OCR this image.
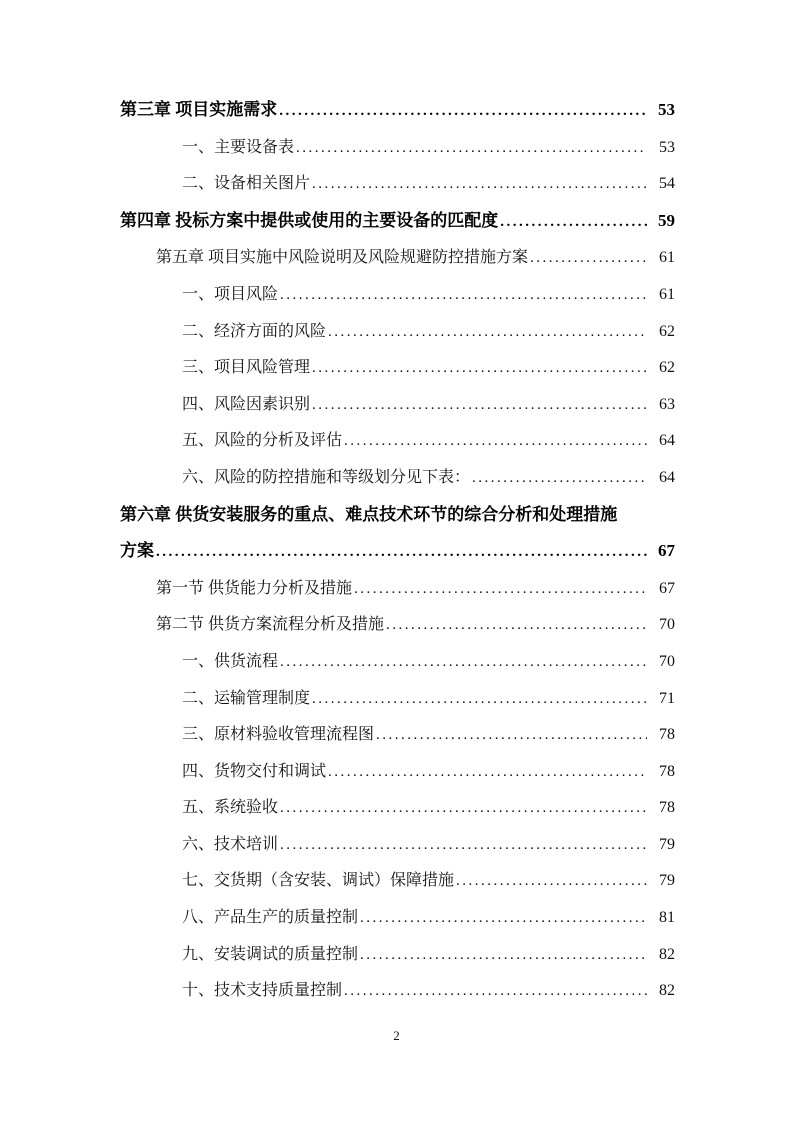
第三章 项目实施需求 .....	53
一、主要设备表 .....	53
二、设备相关图片 .....	54
第四章 投标方案中提供或使用的主要设备的匹配度 .....	59
第五章 项目实施中风险说明及风险规避防控措施方案 .....	61
一、项目风险 .....	61
二、经济方面的风险 .....	62
三、项目风险管理 .....	62
四、风险因素识别 .....	63
五、风险的分析及评估 .....	64
六、风险的防控措施和等级划分见下表： .....	64
第六章 供货安装服务的重点、难点技术环节的综合分析和处理措施
方案 .....	67
第一节 供货能力分析及措施 .....	67
第二节 供货方案流程分析及措施 .....	70
一、供货流程 .....	70
二、运输管理制度 .....	71
三、原材料验收管理流程图 .....	78
四、货物交付和调试 .....	78
五、系统验收 .....	78
六、技术培训 .....	79
七、交货期（含安装、调试）保障措施 .....	79
八、产品生产的质量控制 .....	81
九、安装调试的质量控制 .....	82
十、技术支持质量控制 .....	82
2
